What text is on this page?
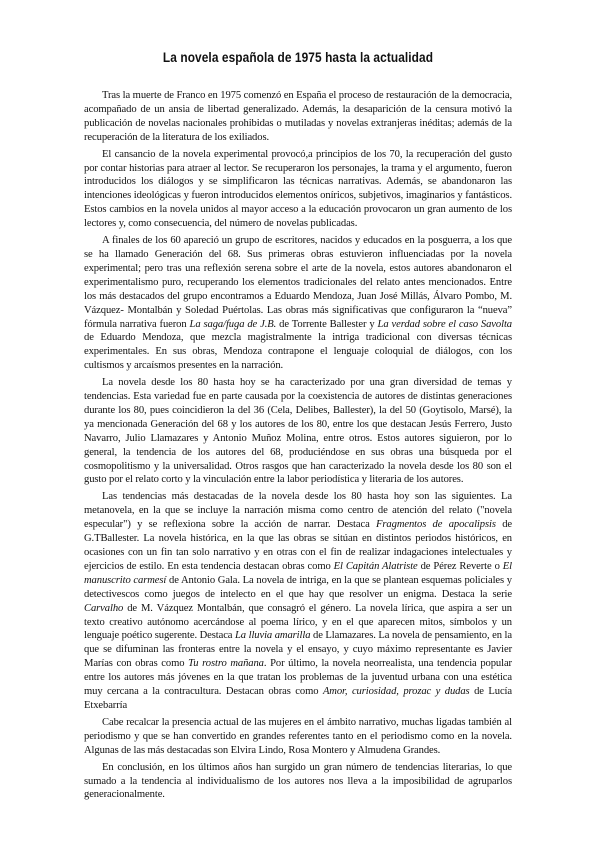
La novela española de 1975 hasta la actualidad

Tras la muerte de Franco en 1975 comenzó en España el proceso de restauración de la democracia, acompañado de un ansia de libertad generalizado. Además, la desaparición de la censura motivó la publicación de novelas nacionales prohibidas o mutiladas y novelas extranjeras inéditas; además de la recuperación de la literatura de los exiliados.

El cansancio de la novela experimental provocó,a principios de los 70, la recuperación del gusto por contar historias para atraer al lector. Se recuperaron los personajes, la trama y el argumento, fueron introducidos los diálogos y se simplificaron las técnicas narrativas. Además, se abandonaron las intenciones ideológicas y fueron introducidos elementos oníricos, subjetivos, imaginarios y fantásticos. Estos cambios en la novela unidos al mayor acceso a la educación provocaron un gran aumento de los lectores y, como consecuencia, del número de novelas publicadas.

A finales de los 60 apareció un grupo de escritores, nacidos y educados en la posguerra, a los que se ha llamado Generación del 68. Sus primeras obras estuvieron influenciadas por la novela experimental; pero tras una reflexión serena sobre el arte de la novela, estos autores abandonaron el experimentalismo puro, recuperando los elementos tradicionales del relato antes mencionados. Entre los más destacados del grupo encontramos a Eduardo Mendoza, Juan José Millás, Álvaro Pombo, M. Vázquez- Montalbán y Soledad Puértolas. Las obras más significativas que configuraron la “nueva” fórmula narrativa fueron La saga/fuga de J.B. de Torrente Ballester y La verdad sobre el caso Savolta de Eduardo Mendoza, que mezcla magistralmente la intriga tradicional con diversas técnicas experimentales. En sus obras, Mendoza contrapone el lenguaje coloquial de diálogos, con los cultismos y arcaísmos presentes en la narración.

La novela desde los 80 hasta hoy se ha caracterizado por una gran diversidad de temas y tendencias. Esta variedad fue en parte causada por la coexistencia de autores de distintas generaciones durante los 80, pues coincidieron la del 36 (Cela, Delibes, Ballester), la del 50 (Goytisolo, Marsé), la ya mencionada Generación del 68 y los autores de los 80, entre los que destacan Jesús Ferrero, Justo Navarro, Julio Llamazares y Antonio Muñoz Molina, entre otros. Estos autores siguieron, por lo general, la tendencia de los autores del 68, produciéndose en sus obras una búsqueda por el cosmopolitismo y la universalidad. Otros rasgos que han caracterizado la novela desde los 80 son el gusto por el relato corto y la vinculación entre la labor periodística y literaria de los autores.

Las tendencias más destacadas de la novela desde los 80 hasta hoy son las siguientes. La metanovela, en la que se incluye la narración misma como centro de atención del relato ("novela especular") y se reflexiona sobre la acción de narrar. Destaca Fragmentos de apocalipsis de G.TBallester. La novela histórica, en la que las obras se sitúan en distintos periodos históricos, en ocasiones con un fin tan solo narrativo y en otras con el fin de realizar indagaciones intelectuales y ejercicios de estilo. En esta tendencia destacan obras como El Capitán Alatriste de Pérez Reverte o El manuscrito carmesí de Antonio Gala. La novela de intriga, en la que se plantean esquemas policiales y detectivescos como juegos de intelecto en el que hay que resolver un enigma. Destaca la serie Carvalho de M. Vázquez Montalbán, que consagró el género. La novela lírica, que aspira a ser un texto creativo autónomo acercándose al poema lírico, y en el que aparecen mitos, símbolos y un lenguaje poético sugerente. Destaca La lluvia amarilla de Llamazares. La novela de pensamiento, en la que se difuminan las fronteras entre la novela y el ensayo, y cuyo máximo representante es Javier Marías con obras como Tu rostro mañana. Por último, la novela neorrealista, una tendencia popular entre los autores más jóvenes en la que tratan los problemas de la juventud urbana con una estética muy cercana a la contracultura. Destacan obras como Amor, curiosidad, prozac y dudas de Lucía Etxebarría

Cabe recalcar la presencia actual de las mujeres en el ámbito narrativo, muchas ligadas también al periodismo y que se han convertido en grandes referentes tanto en el periodismo como en la novela. Algunas de las más destacadas son Elvira Lindo, Rosa Montero y Almudena Grandes.

En conclusión, en los últimos años han surgido un gran número de tendencias literarias, lo que sumado a la tendencia al individualismo de los autores nos lleva a la imposibilidad de agruparlos generacionalmente.
